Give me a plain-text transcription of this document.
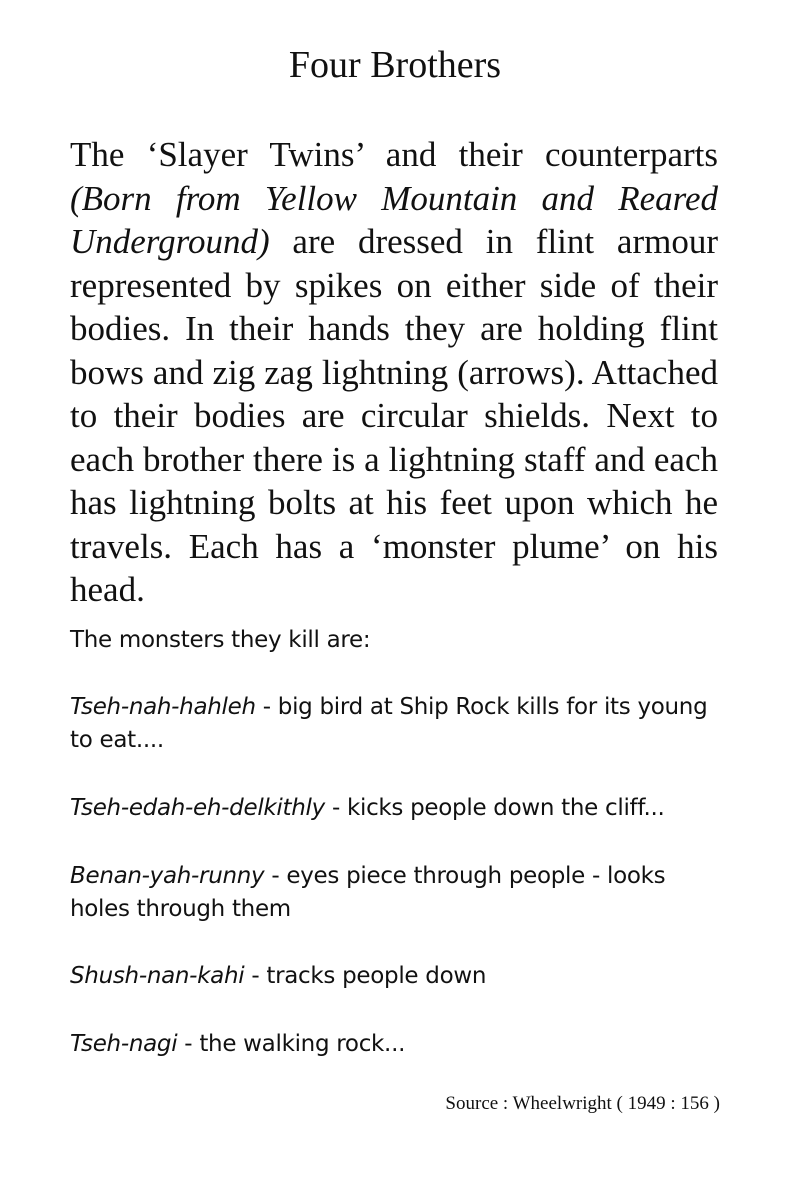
Four Brothers

The ‘Slayer Twins’ and their counterparts (Born from Yellow Mountain and Reared Underground) are dressed in flint armour represented by spikes on either side of their bodies. In their hands they are holding flint bows and zig zag lightning (arrows). Attached to their bodies are circular shields. Next to each brother there is a lightning staff and each has lightning bolts at his feet upon which he travels. Each has a ‘monster plume’ on his head.

The monsters they kill are:

Tseh-nah-hahleh - big bird at Ship Rock kills for its young to eat....

Tseh-edah-eh-delkithly - kicks people down the cliff...

Benan-yah-runny - eyes piece through people - looks holes through them

Shush-nan-kahi - tracks people down

Tseh-nagi - the walking rock...

Source : Wheelwright ( 1949 : 156 )
